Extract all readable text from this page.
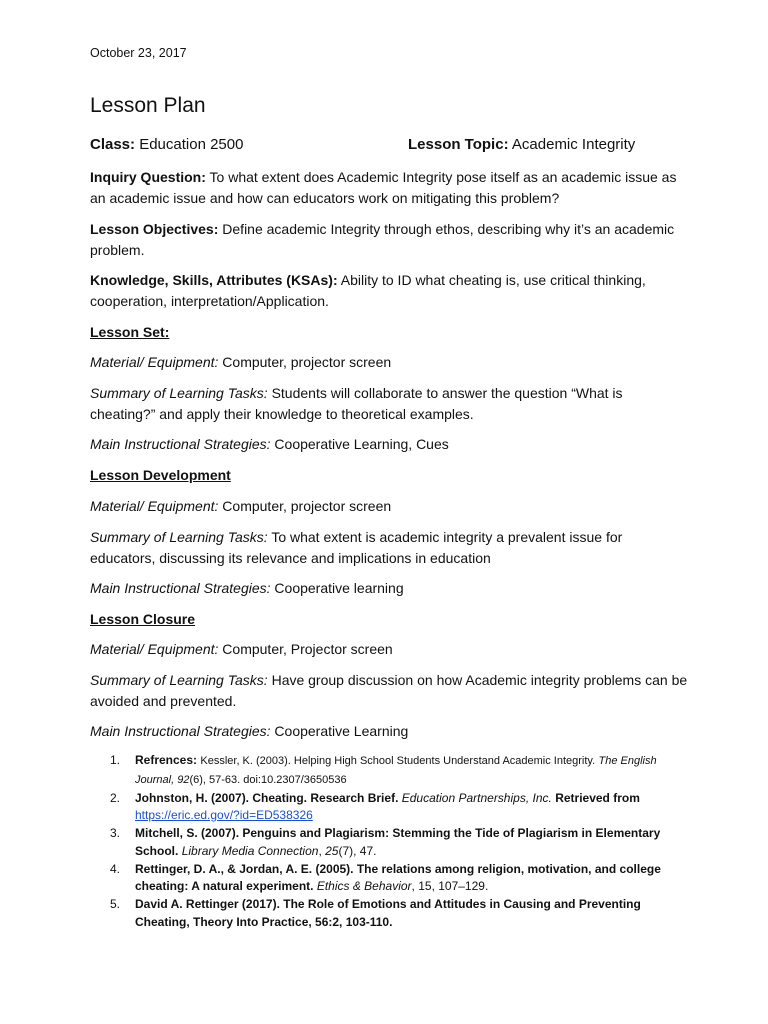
October 23, 2017
Lesson Plan
Class: Education 2500	Lesson Topic: Academic Integrity
Inquiry Question: To what extent does Academic Integrity pose itself as an academic issue as
an academic issue and how can educators work on mitigating this problem?
Lesson Objectives: Define academic Integrity through ethos, describing why it’s an academic
problem.
Knowledge, Skills, Attributes (KSAs): Ability to ID what cheating is, use critical thinking,
cooperation, interpretation/Application.
Lesson Set:
Material/ Equipment: Computer, projector screen
Summary of Learning Tasks: Students will collaborate to answer the question “What is
cheating?” and apply their knowledge to theoretical examples.
Main Instructional Strategies: Cooperative Learning, Cues
Lesson Development
Material/ Equipment: Computer, projector screen
Summary of Learning Tasks: To what extent is academic integrity a prevalent issue for
educators, discussing its relevance and implications in education
Main Instructional Strategies: Cooperative learning
Lesson Closure
Material/ Equipment: Computer, Projector screen
Summary of Learning Tasks: Have group discussion on how Academic integrity problems can be
avoided and prevented.
Main Instructional Strategies: Cooperative Learning
1. Refrences: Kessler, K. (2003). Helping High School Students Understand Academic Integrity. The English
Journal, 92(6), 57-63. doi:10.2307/3650536
2. Johnston, H. (2007). Cheating. Research Brief. Education Partnerships, Inc. Retrieved from
https://eric.ed.gov/?id=ED538326
3. Mitchell, S. (2007). Penguins and Plagiarism: Stemming the Tide of Plagiarism in Elementary
School. Library Media Connection, 25(7), 47.
4. Rettinger, D. A., & Jordan, A. E. (2005). The relations among religion, motivation, and college
cheating: A natural experiment. Ethics & Behavior, 15, 107–129.
5. David A. Rettinger (2017). The Role of Emotions and Attitudes in Causing and Preventing
Cheating, Theory Into Practice, 56:2, 103-110.
